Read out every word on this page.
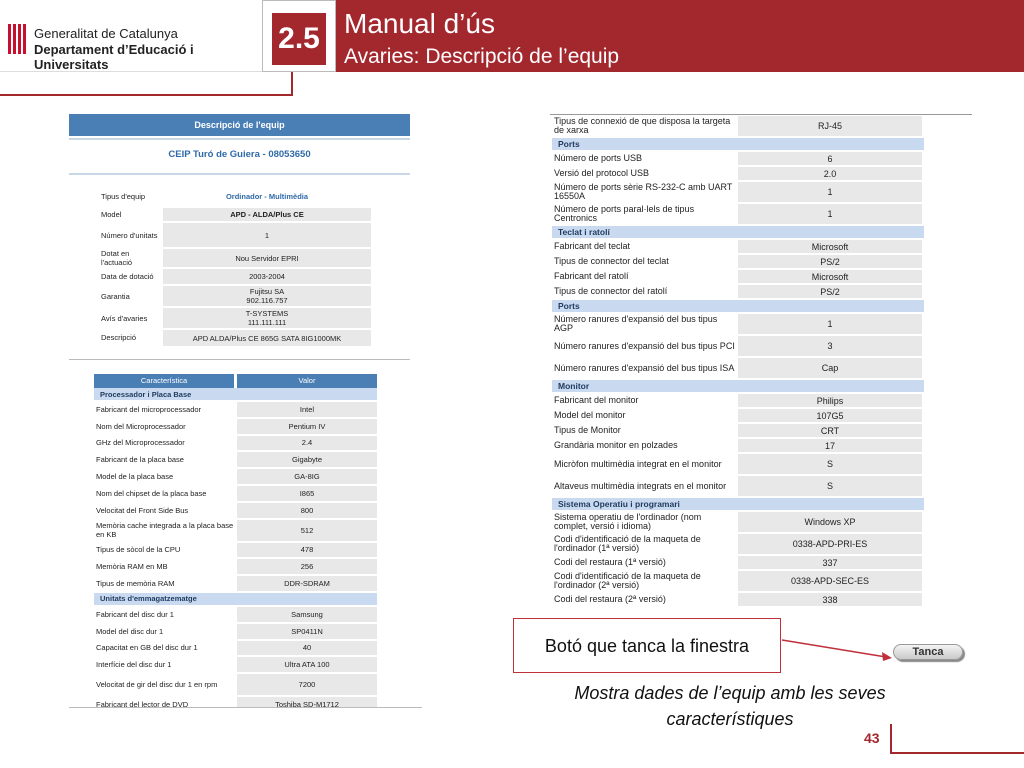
Generalitat de Catalunya
Departament d’Educació i Universitats
2.5 Manual d’ús
Avaries: Descripció de l’equip
Descripció de l'equip
CEIP Turó de Guiera - 08053650
Tipus d'equip	Ordinador - Multimèdia
Model	APD - ALDA/Plus CE
Número d'unitats	1
Dotat en l'actuació	Nou Servidor EPRI
Data de dotació	2003-2004
Garantia	Fujitsu SA
902.116.757
Avís d'avaries	T-SYSTEMS
111.111.111
Descripció	APD ALDA/Plus CE 865G SATA 8IG1000MK
Característica	Valor
Processador i Placa Base
Fabricant del microprocessador	Intel
Nom del Microprocessador	Pentium IV
GHz del Microprocessador	2.4
Fabricant de la placa base	Gigabyte
Model de la placa base	GA-8IG
Nom del chipset de la placa base	I865
Velocitat del Front Side Bus	800
Memòria cache integrada a la placa base en KB	512
Tipus de sòcol de la CPU	478
Memòria RAM en MB	256
Tipus de memòria RAM	DDR-SDRAM
Unitats d'emmagatzematge
Fabricant del disc dur 1	Samsung
Model del disc dur 1	SP0411N
Capacitat en GB del disc dur 1	40
Interfície del disc dur 1	Ultra ATA 100
Velocitat de gir del disc dur 1 en rpm	7200
Fabricant del lector de DVD	Toshiba SD-M1712
Tipus de connexió de que disposa la targeta de xarxa	RJ-45
Ports
Número de ports USB	6
Versió del protocol USB	2.0
Número de ports sèrie RS-232-C amb UART 16550A	1
Número de ports paral·lels de tipus Centronics	1
Teclat i ratolí
Fabricant del teclat	Microsoft
Tipus de connector del teclat	PS/2
Fabricant del ratolí	Microsoft
Tipus de connector del ratolí	PS/2
Ports
Número ranures d'expansió del bus tipus AGP	1
Número ranures d'expansió del bus tipus PCI	3
Número ranures d'expansió del bus tipus ISA	Cap
Monitor
Fabricant del monitor	Philips
Model del monitor	107G5
Tipus de Monitor	CRT
Grandària monitor en polzades	17
Micròfon multimèdia integrat en el monitor	S
Altaveus multimèdia integrats en el monitor	S
Sistema Operatiu i programari
Sistema operatiu de l'ordinador (nom complet, versió i idioma)	Windows XP
Codi d'identificació de la maqueta de l'ordinador (1ª versió)	0338-APD-PRI-ES
Codi del restaura (1ª versió)	337
Codi d'identificació de la maqueta de l'ordinador (2ª versió)	0338-APD-SEC-ES
Codi del restaura (2ª versió)	338
Botó que tanca la finestra	Tanca
Mostra dades de l’equip amb les seves característiques
43
